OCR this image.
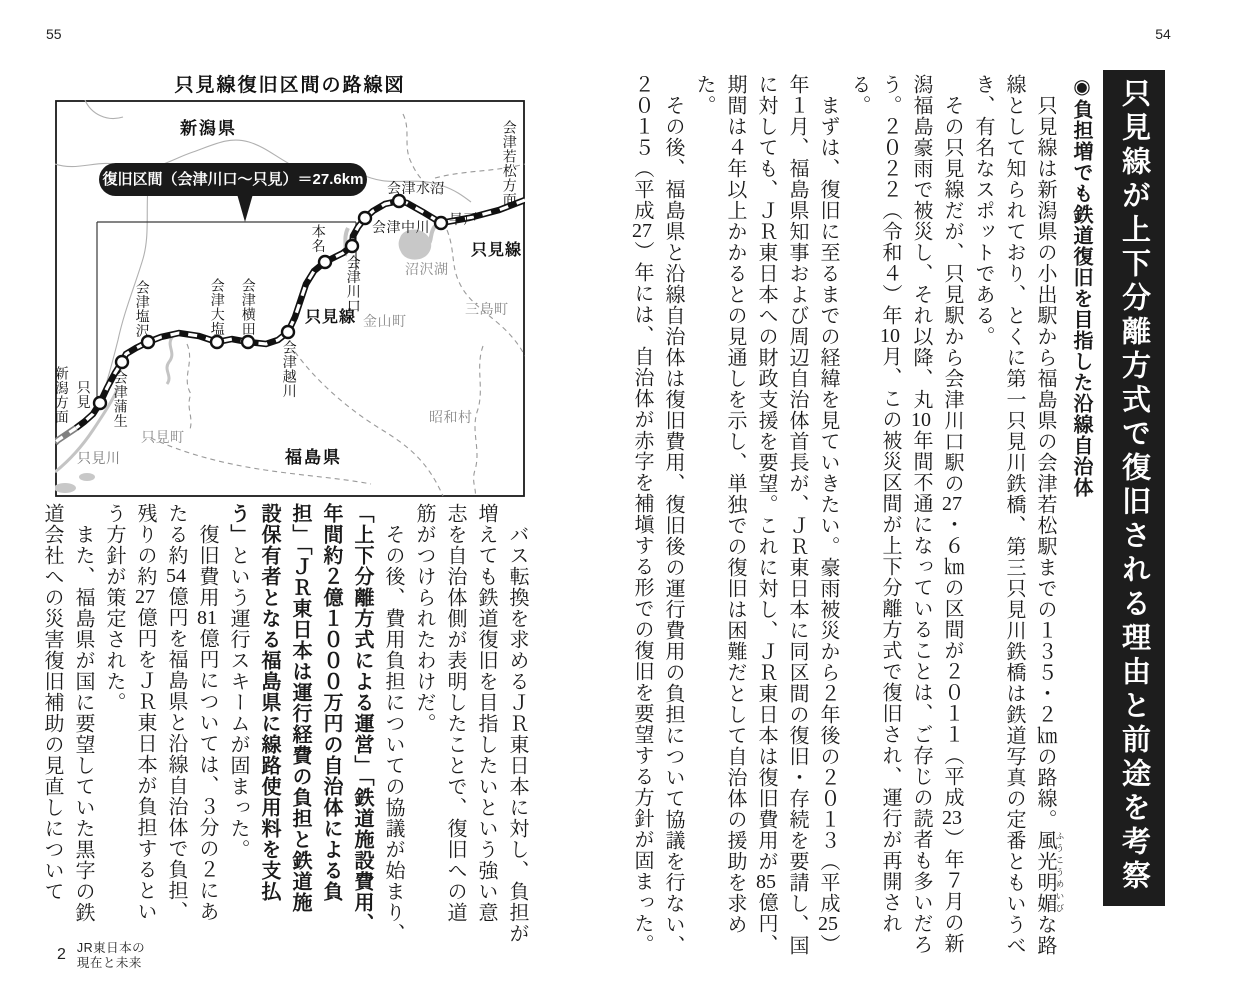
55
只見線復旧区間の路線図
復旧区間（会津川口～只見）＝27.6km
新潟県
福島県
只見線
只見線
会津若松方面
新潟方面
沼沢湖
只見川
只見町
金山町
三島町
昭和村
会津水沼
早戸
会津中川
本名
会津川口
会津越川
会津横田
会津大塩
会津塩沢
会津蒲生
只見
　バス転換を求めるＪＲ東日本に対し、負担が
増えても鉄道復旧を目指したいという強い意
志を自治体側が表明したことで、復旧への道
筋がつけられたわけだ。
　その後、費用負担についての協議が始まり、
「上下分離方式による運営」「鉄道施設費用、
年間約２億１０００万円の自治体による負
担」「ＪＲ東日本は運行経費の負担と鉄道施
設保有者となる福島県に線路使用料を支払
う」という運行スキームが固まった。
　復旧費用81億円については、３分の２にあ
たる約54億円を福島県と沿線自治体で負担、
残りの約27億円をＪＲ東日本が負担するとい
う方針が策定された。
　また、福島県が国に要望していた黒字の鉄
道会社への災害復旧補助の見直しについて
2 JR東日本の
現在と未来
54
只見線が上下分離方式で復旧される理由と前途を考察
◉負担増でも鉄道復旧を目指した沿線自治体
　只見線は新潟県の小出駅から福島県の会津若松駅までの１３５・２㎞の路線。風光明媚 ふうこうめいびな路
線として知られており、とくに第一只見川鉄橋、第三只見川鉄橋は鉄道写真の定番ともいうべ
き、有名なスポットである。
　その只見線だが、只見駅から会津川口駅の27・６㎞の区間が２０１１（平成23）年７月の新
潟福島豪雨で被災し、それ以降、丸10年間不通になっていることは、ご存じの読者も多いだろ
う。２０２２（令和４）年10月、この被災区間が上下分離方式で復旧され、運行が再開される。
　まずは、復旧に至るまでの経緯を見ていきたい。豪雨被災から２年後の２０１３（平成25）
年１月、福島県知事および周辺自治体首長が、ＪＲ東日本に同区間の復旧・存続を要請し、国
に対しても、ＪＲ東日本への財政支援を要望。これに対し、ＪＲ東日本は復旧費用が85億円、
期間は４年以上かかるとの見通しを示し、単独での復旧は困難だとして自治体の援助を求めた。
　その後、福島県と沿線自治体は復旧費用、復旧後の運行費用の負担について協議を行ない、
２０１５（平成27）年には、自治体が赤字を補塡する形での復旧を要望する方針が固まった。
